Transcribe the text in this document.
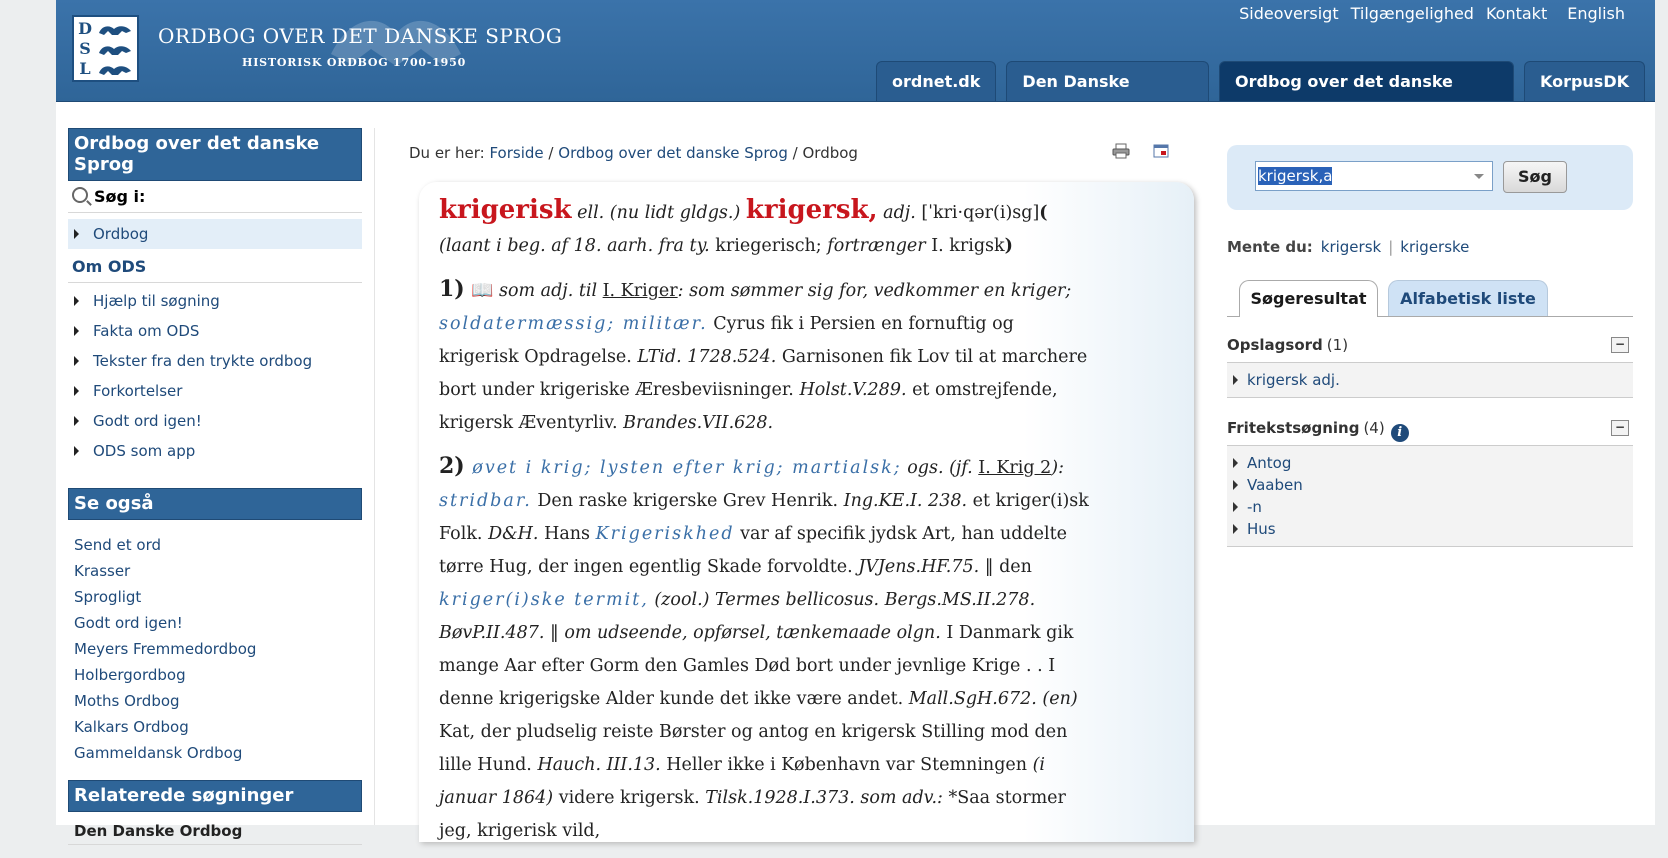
D
S
L
ORDBOG OVER DET DANSKE SPROG
HISTORISK ORDBOG 1700-1950
Sideoversigt Tilgængelighed Kontakt English
ordnet.dk	Den Danske Ordbog
Ordbog over det danske Sprog
KorpusDK
Ordbog over det danske Sprog
Søg i:
Ordbog
Om ODS
Hjælp til søgning
Fakta om ODS
Tekster fra den trykte ordbog
Forkortelser
Godt ord igen!
ODS som app
Se også
Send et ord
Krasser
Sprogligt
Godt ord igen!
Meyers Fremmedordbog
Holbergordbog
Moths Ordbog
Kalkars Ordbog
Gammeldansk Ordbog
Relaterede søgninger
Den Danske Ordbog
Du er her: Forside / Ordbog over det danske Sprog / Ordbog
krigerisk ell. (nu lidt gldgs.) krigersk, adj. [ˈkri·qər(i)sg]( (laant i beg. af 18. aarh. fra ty. kriegerisch; fortrænger I. krigsk)
1) 📖 som adj. til I. Kriger: som sømmer sig for, vedkommer en kriger; soldatermæssig; militær. Cyrus fik i Persien en fornuftig og krigerisk Opdragelse. LTid. 1728.524. Garnisonen fik Lov til at marchere bort under krigeriske Æresbeviisninger. Holst.V.289. et omstrejfende, krigersk Æventyrliv. Brandes.VII.628.
2) øvet i krig; lysten efter krig; martialsk; ogs. (jf. I. Krig 2): stridbar. Den raske krigerske Grev Henrik. Ing.KE.I. 238. et kriger(i)sk Folk. D&H. Hans Krigeriskhed var af specifik jydsk Art, han uddelte tørre Hug, der ingen egentlig Skade forvoldte. JVJens.HF.75. ‖ den kriger(i)ske termit, (zool.) Termes bellicosus. Bergs.MS.II.278. BøvP.II.487. ‖ om udseende, opførsel, tænkemaade olgn. I Danmark gik mange Aar efter Gorm den Gamles Død bort under jevnlige Krige . . I denne krigerigske Alder kunde det ikke være andet. Mall.SgH.672. (en) Kat, der pludselig reiste Børster og antog en krigersk Stilling mod den lille Hund. Hauch. III.13. Heller ikke i København var Stemningen (i januar 1864) videre krigersk. Tilsk.1928.I.373. som adv.: *Saa stormer jeg, krigerisk vild,
krigersk,a	Søg
Mente du: krigersk | krigerske
Søgeresultat	Alfabetisk liste
Opslagsord (1)	−
krigersk adj.
Fritekstsøgning (4) i	−
Antog
Vaaben
-n
Hus
